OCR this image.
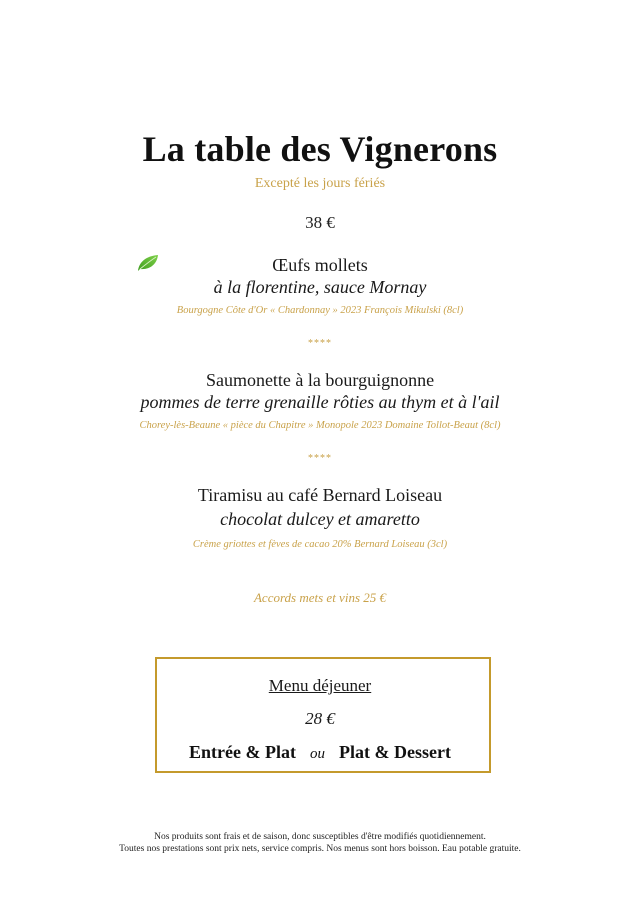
La table des Vignerons
Excepté les jours fériés
38 €
Œufs mollets
à la florentine, sauce Mornay
Bourgogne Côte d'Or « Chardonnay » 2023 François Mikulski (8cl)
****
Saumonette à la bourguignonne
pommes de terre grenaille rôties au thym et à l'ail
Chorey-lès-Beaune « pièce du Chapitre » Monopole 2023 Domaine Tollot-Beaut (8cl)
****
Tiramisu au café Bernard Loiseau
chocolat dulcey et amaretto
Crème griottes et fèves de cacao 20% Bernard Loiseau (3cl)
Accords mets et vins 25 €
Menu déjeuner
28 €
Entrée & Plat ou Plat & Dessert
Nos produits sont frais et de saison, donc susceptibles d'être modifiés quotidiennement.
Toutes nos prestations sont prix nets, service compris. Nos menus sont hors boisson. Eau potable gratuite.
